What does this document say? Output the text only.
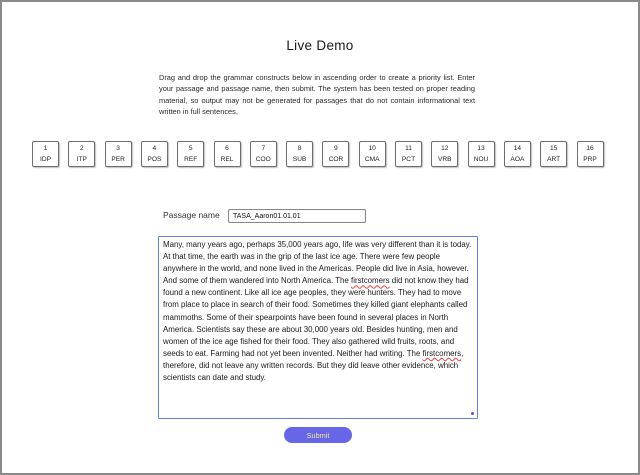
Live Demo
Drag and drop the grammar constructs below in ascending order to create a priority list. Enter your passage and passage name, then submit. The system has been tested on proper reading material, so output may not be generated for passages that do not contain informational text written in full sentences.
1
IDP
2
ITP
3
PER
4
POS
5
REF
6
REL
7
COO
8
SUB
9
COR
10
CMA
11
PCT
12
VRB
13
NOU
14
AOA
15
ART
16
PRP
Passage name
TASA_Aaron01.01.01
Many, many years ago, perhaps 35,000 years ago, life was very different than it is today. At that time, the earth was in the grip of the last ice age. There were few people anywhere in the world, and none lived in the Americas. People did live in Asia, however. And some of them wandered into North America. The firstcomers did not know they had found a new continent. Like all ice age peoples, they were hunters. They had to move from place to place in search of their food. Sometimes they killed giant elephants called mammoths. Some of their spearpoints have been found in several places in North America. Scientists say these are about 30,000 years old. Besides hunting, men and women of the ice age fished for their food. They also gathered wild fruits, roots, and seeds to eat. Farming had not yet been invented. Neither had writing. The firstcomers, therefore, did not leave any written records. But they did leave other evidence, which scientists can date and study.
Submit
